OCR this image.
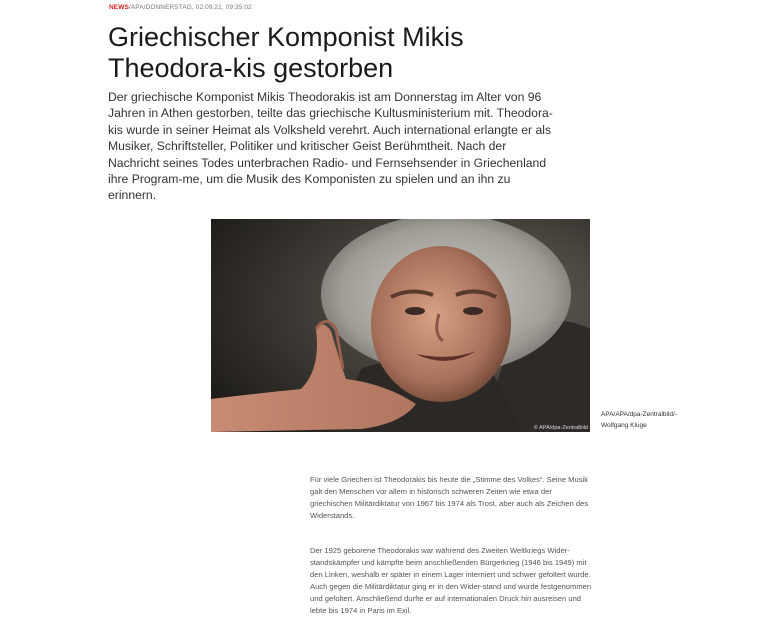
NEWS/APA/DONNERSTAG, 02.09.21, 09:35:02
Griechischer Komponist Mikis Theodora-kis gestorben

Der griechische Komponist Mikis Theodorakis ist am Donnerstag im Alter von 96 Jahren in Athen gestorben, teilte das griechische Kultusministerium mit. Theodora-kis wurde in seiner Heimat als Volksheld verehrt. Auch international erlangte er als Musiker, Schriftsteller, Politiker und kritischer Geist Berühmtheit. Nach der Nachricht seines Todes unterbrachen Radio- und Fernsehsender in Griechenland ihre Program-me, um die Musik des Komponisten zu spielen und an ihn zu erinnern.

© APA/dpa-Zentralbild
APA/APA/dpa-Zentralbild/-
Wolfgang Kluge

Für viele Griechen ist Theodorakis bis heute die „Stimme des Volkes“. Seine Musik galt den Menschen vor allem in historisch schweren Zeiten wie etwa der griechischen Militärdiktatur von 1967 bis 1974 als Trost, aber auch als Zeichen des Widerstands.

Der 1925 geborene Theodorakis war während des Zweiten Weltkriegs Wider-standskämpfer und kämpfte beim anschließenden Bürgerkrieg (1946 bis 1949) mit den Linken, weshalb er später in einem Lager interniert und schwer gefoltert wurde. Auch gegen die Militärdiktatur ging er in den Wider-stand und wurde festgenommen und gefoltert. Anschließend durfte er auf internationalen Druck hin ausreisen und lebte bis 1974 in Paris im Exil.
